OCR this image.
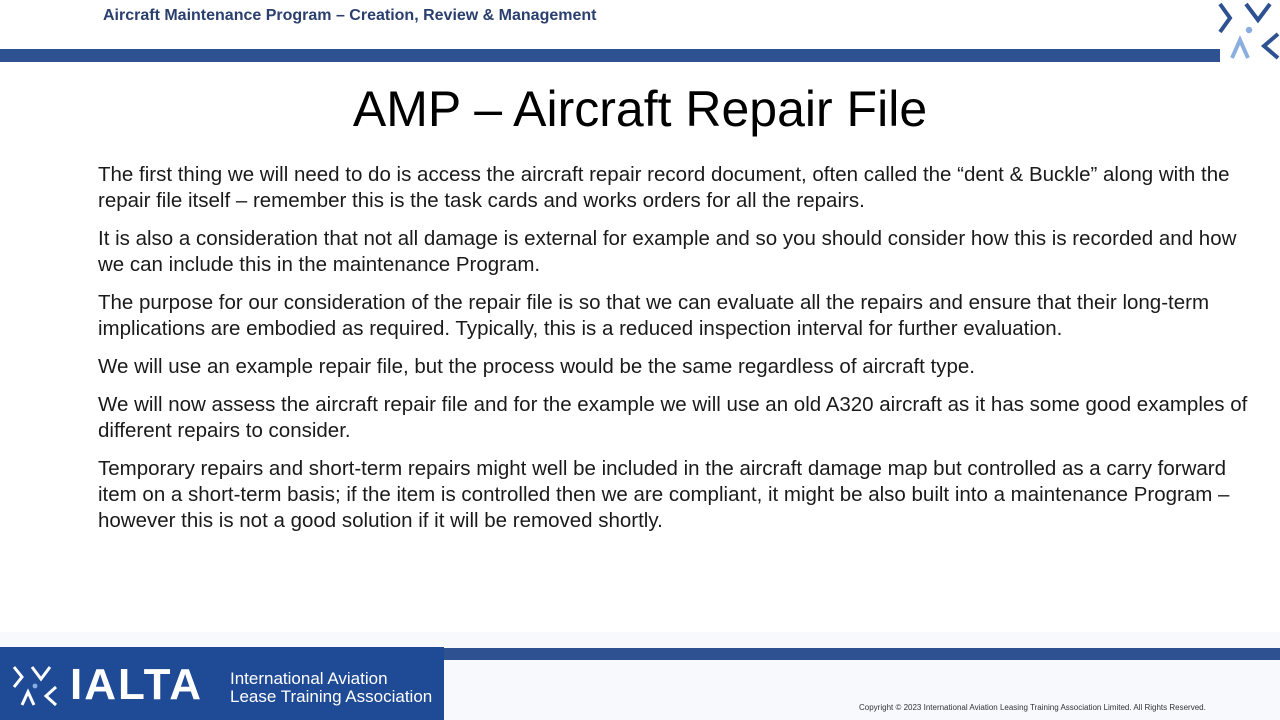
Aircraft Maintenance Program – Creation, Review & Management
AMP – Aircraft Repair File

The first thing we will need to do is access the aircraft repair record document, often called the “dent & Buckle” along with the repair file itself – remember this is the task cards and works orders for all the repairs.

It is also a consideration that not all damage is external for example and so you should consider how this is recorded and how we can include this in the maintenance Program.

The purpose for our consideration of the repair file is so that we can evaluate all the repairs and ensure that their long-term implications are embodied as required. Typically, this is a reduced inspection interval for further evaluation.

We will use an example repair file, but the process would be the same regardless of aircraft type.

We will now assess the aircraft repair file and for the example we will use an old A320 aircraft as it has some good examples of different repairs to consider.

Temporary repairs and short-term repairs might well be included in the aircraft damage map but controlled as a carry forward item on a short-term basis; if the item is controlled then we are compliant, it might be also built into a maintenance Program – however this is not a good solution if it will be removed shortly.

IALTA International Aviation
Lease Training Association
Copyright © 2023 International Aviation Leasing Training Association Limited. All Rights Reserved.
